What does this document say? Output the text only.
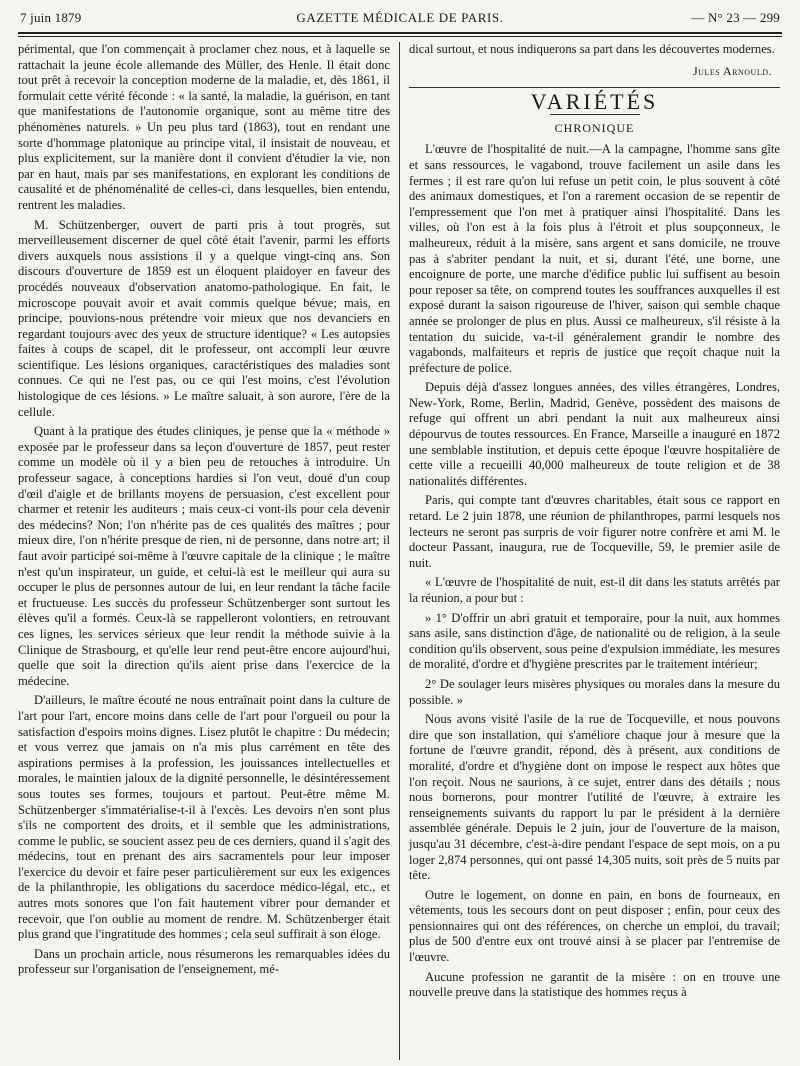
7 juin 1879	GAZETTE MÉDICALE DE PARIS.	— N° 23 — 299

périmental, que l'on commençait à proclamer chez nous, et à laquelle se rattachait la jeune école allemande des Müller, des Henle. Il était donc tout prêt à recevoir la conception moderne de la maladie, et, dès 1861, il formulait cette vérité féconde : « la santé, la maladie, la guérison, en tant que manifestations de l'autonomie organique, sont au même titre des phénomènes naturels. » Un peu plus tard (1863), tout en rendant une sorte d'hommage platonique au principe vital, il insistait de nouveau, et plus explicitement, sur la manière dont il convient d'étudier la vie, non par en haut, mais par ses manifestations, en explorant les conditions de causalité et de phénoménalité de celles-ci, dans lesquelles, bien entendu, rentrent les maladies.

M. Schützenberger, ouvert de parti pris à tout progrès, sut merveilleusement discerner de quel côté était l'avenir, parmi les efforts divers auxquels nous assistions il y a quelque vingt-cinq ans. Son discours d'ouverture de 1859 est un éloquent plaidoyer en faveur des procédés nouveaux d'observation anatomo-pathologique. En fait, le microscope pouvait avoir et avait commis quelque bévue; mais, en principe, pouvions-nous prétendre voir mieux que nos devanciers en regardant toujours avec des yeux de structure identique? « Les autopsies faites à coups de scapel, dit le professeur, ont accompli leur œuvre scientifique. Les lésions organiques, caractéristiques des maladies sont connues. Ce qui ne l'est pas, ou ce qui l'est moins, c'est l'évolution histologique de ces lésions. » Le maître saluait, à son aurore, l'ère de la cellule.

Quant à la pratique des études cliniques, je pense que la « méthode » exposée par le professeur dans sa leçon d'ouverture de 1857, peut rester comme un modèle où il y a bien peu de retouches à introduire. Un professeur sagace, à conceptions hardies si l'on veut, doué d'un coup d'œil d'aigle et de brillants moyens de persuasion, c'est excellent pour charmer et retenir les auditeurs ; mais ceux-ci vont-ils pour cela devenir des médecins? Non; l'on n'hérite pas de ces qualités des maîtres ; pour mieux dire, l'on n'hérite presque de rien, ni de personne, dans notre art; il faut avoir participé soi-même à l'œuvre capitale de la clinique ; le maître n'est qu'un inspirateur, un guide, et celui-là est le meilleur qui aura su occuper le plus de personnes autour de lui, en leur rendant la tâche facile et fructueuse. Les succès du professeur Schützenberger sont surtout les élèves qu'il a formés. Ceux-là se rappelleront volontiers, en retrouvant ces lignes, les services sérieux que leur rendit la méthode suivie à la Clinique de Strasbourg, et qu'elle leur rend peut-être encore aujourd'hui, quelle que soit la direction qu'ils aient prise dans l'exercice de la médecine.

D'ailleurs, le maître écouté ne nous entraînait point dans la culture de l'art pour l'art, encore moins dans celle de l'art pour l'orgueil ou pour la satisfaction d'espoirs moins dignes. Lisez plutôt le chapitre : Du médecin; et vous verrez que jamais on n'a mis plus carrément en tête des aspirations permises à la profession, les jouissances intellectuelles et morales, le maintien jaloux de la dignité personnelle, le désintéressement sous toutes ses formes, toujours et partout. Peut-être même M. Schützenberger s'immatérialise-t-il à l'excès. Les devoirs n'en sont plus s'ils ne comportent des droits, et il semble que les administrations, comme le public, se soucient assez peu de ces derniers, quand il s'agit des médecins, tout en prenant des airs sacramentels pour leur imposer l'exercice du devoir et faire peser particulièrement sur eux les exigences de la philanthropie, les obligations du sacerdoce médico-légal, etc., et autres mots sonores que l'on fait hautement vibrer pour demander et recevoir, que l'on oublie au moment de rendre. M. Schützenberger était plus grand que l'ingratitude des hommes ; cela seul suffirait à son éloge.

Dans un prochain article, nous résumerons les remarquables idées du professeur sur l'organisation de l'enseignement, mé-

dical surtout, et nous indiquerons sa part dans les découvertes modernes.

Jules Arnould.
VARIÉTÉS
CHRONIQUE

L'œuvre de l'hospitalité de nuit.—A la campagne, l'homme sans gîte et sans ressources, le vagabond, trouve facilement un asile dans les fermes ; il est rare qu'on lui refuse un petit coin, le plus souvent à côté des animaux domestiques, et l'on a rarement occasion de se repentir de l'empressement que l'on met à pratiquer ainsi l'hospitalité. Dans les villes, où l'on est à la fois plus à l'étroit et plus soupçonneux, le malheureux, réduit à la misère, sans argent et sans domicile, ne trouve pas à s'abriter pendant la nuit, et si, durant l'été, une borne, une encoignure de porte, une marche d'édifice public lui suffisent au besoin pour reposer sa tête, on comprend toutes les souffrances auxquelles il est exposé durant la saison rigoureuse de l'hiver, saison qui semble chaque année se prolonger de plus en plus. Aussi ce malheureux, s'il résiste à la tentation du suicide, va-t-il généralement grandir le nombre des vagabonds, malfaiteurs et repris de justice que reçoit chaque nuit la préfecture de police.

Depuis déjà d'assez longues années, des villes étrangères, Londres, New-York, Rome, Berlin, Madrid, Genève, possèdent des maisons de refuge qui offrent un abri pendant la nuit aux malheureux ainsi dépourvus de toutes ressources. En France, Marseille a inauguré en 1872 une semblable institution, et depuis cette époque l'œuvre hospitalière de cette ville a recueilli 40,000 malheureux de toute religion et de 38 nationalités différentes.

Paris, qui compte tant d'œuvres charitables, était sous ce rapport en retard. Le 2 juin 1878, une réunion de philanthropes, parmi lesquels nos lecteurs ne seront pas surpris de voir figurer notre confrère et ami M. le docteur Passant, inaugura, rue de Tocqueville, 59, le premier asile de nuit.

« L'œuvre de l'hospitalité de nuit, est-il dit dans les statuts arrêtés par la réunion, a pour but :

» 1° D'offrir un abri gratuit et temporaire, pour la nuit, aux hommes sans asile, sans distinction d'âge, de nationalité ou de religion, à la seule condition qu'ils observent, sous peine d'expulsion immédiate, les mesures de moralité, d'ordre et d'hygiène prescrites par le traitement intérieur;

2° De soulager leurs misères physiques ou morales dans la mesure du possible. »

Nous avons visité l'asile de la rue de Tocqueville, et nous pouvons dire que son installation, qui s'améliore chaque jour à mesure que la fortune de l'œuvre grandit, répond, dès à présent, aux conditions de moralité, d'ordre et d'hygiène dont on impose le respect aux hôtes que l'on reçoit. Nous ne saurions, à ce sujet, entrer dans des détails ; nous nous bornerons, pour montrer l'utilité de l'œuvre, à extraire les renseignements suivants du rapport lu par le président à la dernière assemblée générale. Depuis le 2 juin, jour de l'ouverture de la maison, jusqu'au 31 décembre, c'est-à-dire pendant l'espace de sept mois, on a pu loger 2,874 personnes, qui ont passé 14,305 nuits, soit près de 5 nuits par tête.

Outre le logement, on donne en pain, en bons de fourneaux, en vêtements, tous les secours dont on peut disposer ; enfin, pour ceux des pensionnaires qui ont des références, on cherche un emploi, du travail; plus de 500 d'entre eux ont trouvé ainsi à se placer par l'entremise de l'œuvre.

Aucune profession ne garantit de la misère : on en trouve une nouvelle preuve dans la statistique des hommes reçus à
